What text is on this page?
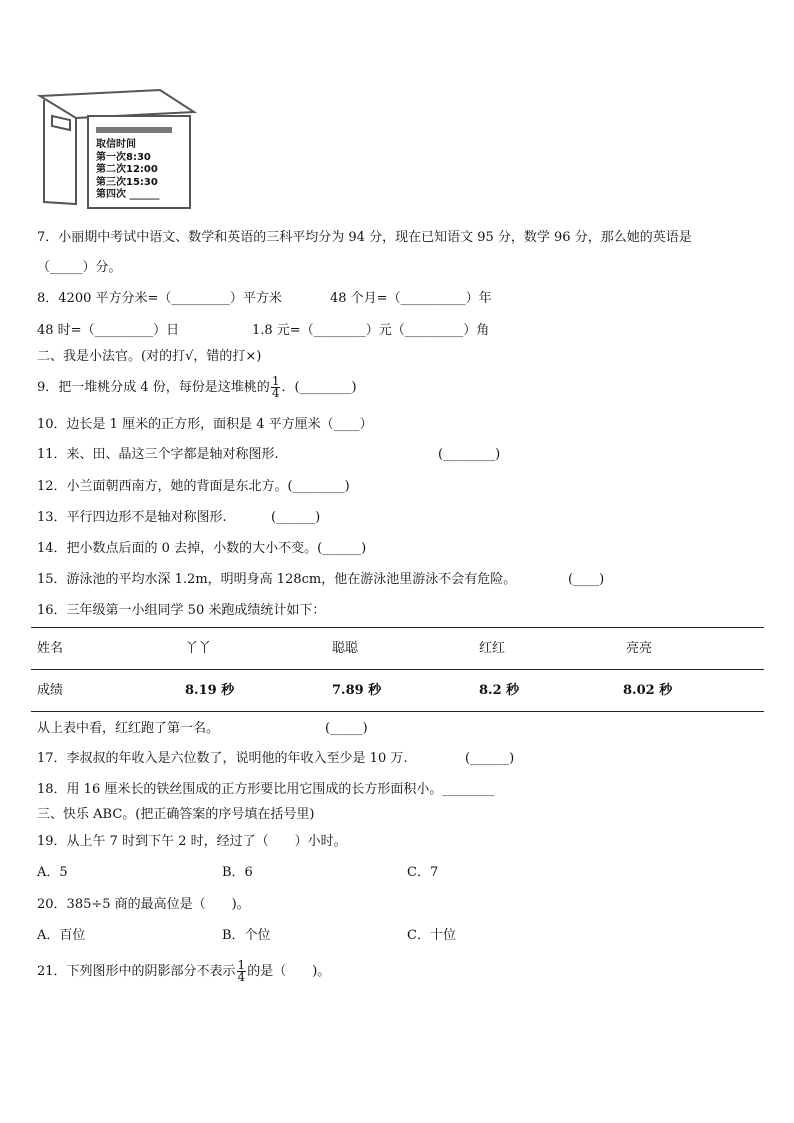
取信时间
第一次8:30
第二次12:00
第三次15:30
第四次 ______
7．小丽期中考试中语文、数学和英语的三科平均分为 94 分，现在已知语文 95 分，数学 96 分，那么她的英语是
（_____）分。
8．4200 平方分米=（_________）平方米	48 个月=（__________）年
48 时=（_________）日	1.8 元=（________）元（_________）角
二、我是小法官。(对的打√，错的打×)
9．把一堆桃分成 4 份，每份是这堆桃的 $\frac{1}{4}$ ．(________)
10．边长是 1 厘米的正方形，面积是 4 平方厘米（____）
11．来、田、晶这三个字都是轴对称图形.	(________)
12．小兰面朝西南方，她的背面是东北方。(________)
13．平行四边形不是轴对称图形.	(______)
14．把小数点后面的 0 去掉，小数的大小不变。(______)
15．游泳池的平均水深 1.2m，明明身高 128cm，他在游泳池里游泳不会有危险。	(____)
16．三年级第一小组同学 50 米跑成绩统计如下：
姓名	丫丫	聪聪	红红	亮亮
成绩	8.19 秒	7.89 秒	8.2 秒	8.02 秒
从上表中看，红红跑了第一名。	(_____)
17．李叔叔的年收入是六位数了，说明他的年收入至少是 10 万.	(______)
18．用 16 厘米长的铁丝围成的正方形要比用它围成的长方形面积小。________
三、快乐 ABC。(把正确答案的序号填在括号里)
19．从上午 7 时到下午 2 时，经过了（　　）小时。
A．5	B．6	C．7
20．385÷5 商的最高位是（　　)。
A．百位	B．个位	C．十位
21．下列图形中的阴影部分不表示 $\frac{1}{4}$ 的是（　　)。
